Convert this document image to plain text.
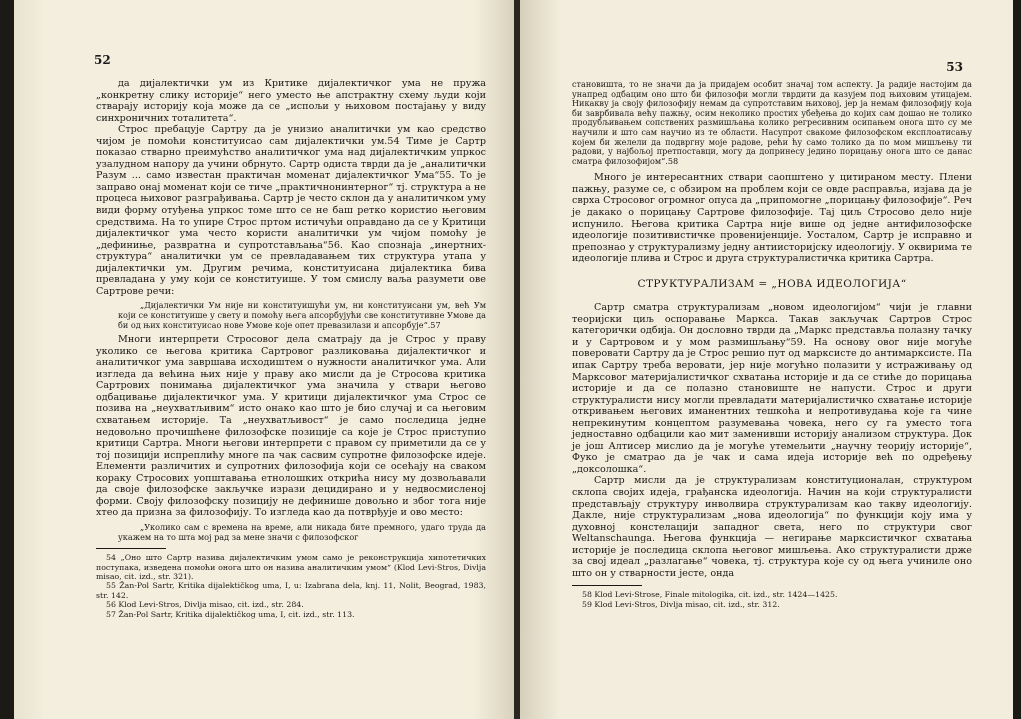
52

да дијалектички ум из Критике дијалектичког ума не пружа „конкретну слику историје“ него уместо ње апстрактну схему људи који стварају историју која може да се „испољи у њиховом постајању у виду синхроничних тоталитета“.

Строс пребацује Сартру да је унизио аналитички ум као средство чијом је помоћи конституисао сам дијалектички ум.54 Тиме је Сартр показао стварно преимућство аналитичког ума над дијалектичким упркос узалудном напору да учини обрнуто. Сартр одиста тврди да је „аналитички Разум ... само известан практичан моменат дијалектичког Ума“55. То је заправо онај моменат који се тиче „практичнонинтерног“ тј. структура а не процеса њиховог разграђивања. Сартр је често склон да у аналитичком уму види форму отуђења упркос томе што се не баш ретко користио његовим средствима. На то упире Строс пртом истичући оправдано да се у Критици дијалектичког ума често користи аналитички ум чијом помоћу је „дефиниње, развратна и супротстављања“56. Као спознаја „инертних-структура“ аналитички ум се превладавањем тих структура утапа у дијалектички ум. Другим речима, конституисана дијалектика бива превладана у уму који се конституише. У том смислу ваља разумети ове Сартрове речи:

„Дијалектички Ум није ни конституишући ум, ни конституисани ум, већ Ум који се конституише у свету и помоћу њега апсорбујући све конститутивне Умове да би од њих конституисао нове Умове које опет превазилази и апсорбује“.57

Многи интерпрети Стросовог дела сматрају да је Строс у праву уколико се његова критика Сартровог разликовања дијалектичког и аналитичког ума завршава исходиштем о нужности аналитичког ума. Али изгледа да већина њих није у праву ако мисли да је Стросова критика Сартрових понимања дијалектичког ума значила у ствари његово одбацивање дијалектичког ума. У критици дијалектичког ума Строс се позива на „неухватљивим“ исто онако као што је био случај и са његовим схватањем историје. Та „неухватљивост“ је само последица једне недовољно прочишћене филозофске позиције са које је Строс приступио критици Сартра. Многи његови интерпрети с правом су приметили да се у тој позицији испреплићу многе па чак сасвим супротне филозофске идеје. Елементи различитих и супротних филозофија који се осећају на сваком кораку Стросових уопштавања етнолошких открића нису му дозвољавали да своје филозофске закључке изрази децидирано и у недвосмисленој форми. Своју филозофску позицију не дефинише довољно и због тога није хтео да призна за филозофију. То изгледа као да потврђује и ово место:

„Уколико сам с времена на време, али никада бите премного, удаго труда да укажем на то шта мој рад за мене значи с филозофског

54 „Оно што Сартр назива дијалектичким умом само је реконструкција хипотетичких поступака, изведена помоћи онога што он назива аналитичким умом“ (Klod Levi-Stros, Divlja misao, cit. izd., str. 321).

55 Žan-Pol Sartr, Kritika dijalektičkog uma, I, u: Izabrana dela, knj. 11, Nolit, Beograd, 1983, str. 142.

56 Klod Levi-Stros, Divlja misao, cit. izd., str. 284.

57 Žan-Pol Sartr, Kritika dijalektičkog uma, I, cit. izd., str. 113.

53

становишта, то не значи да ја придајем особит значај том аспекту. Ја радије настојим да унапред одбацим оно што би филозофи могли тврдити да казујем под њиховим утицајем. Никакву ја своју филозофију немам да супротставим њиховој, јер ја немам филозофију која би заврбивала већу пажњу, осим неколико простих убеђења до којих сам дошао не толико продубљивањем сопствених размишљања колико регресивним осипањем онога што су ме научили и што сам научио из те области. Насупрот свакоме филозофском експлоатисању којем би желели да подвргну моје радове, рећи ћу само толико да по мом мишљењу ти радови, у најбољој претпоставци, могу да допринесу једино порицању онога што се данас сматра филозофијом“.58

Много је интересантних ствари саопштено у цитираном месту. Плени пажњу, разуме се, с обзиром на проблем који се овде расправља, изјава да је сврха Стросовог огромног опуса да „припомогне „порицању филозофије“. Реч је дакако о порицању Сартрове филозофије. Тај циљ Стросово дело није испунило. Његова критика Сартра није више од једне антифилозофске идеологије позитивистичке провенијенције. Уосталом, Сартр је исправно и препознао у структурализму једну антиисторијску идеологију. У оквирима те идеологије плива и Строс и друга структуралистичка критика Сартра.

СТРУКТУРАЛИЗАМ = „НОВА ИДЕОЛОГИЈА“

Сартр сматра структурализам „новом идеологијом“ чији је главни теоријски циљ оспоравање Маркса. Такав закључак Сартров Строс категорички одбија. Он дословно тврди да „Маркс представља полазну тачку и у Сартровом и у мом размишљању“59. На основу овог није могуће поверовати Сартру да је Строс решио пут од марксисте до антимарксисте. Па ипак Сартру треба веровати, јер није могућно полазити у истраживању од Марксовог материјалистичког схватања историје и да се стиће до порицања историје и да се полазно становиште не напусти. Строс и други структуралисти нису могли превладати материјалистичко схватање историје откривањем његових иманентних тешкоћа и непротивудања које га чине непрекинутим концептом разумевања човека, него су га уместо тога једноставно одбацили као мит заменивши историју анализом структура. Док је још Алтисер мислио да је могуће утемељити „научну теорију историје“, Фуко је сматрао да је чак и сама идеја историје већ по одређењу „доксолошка“.

Сартр мисли да је структурализам конституционалан, структуром склопа својих идеја, грађанска идеологија. Начин на који структуралисти представљају структуру инволвира структурализам као такву идеологију. Дакле, није структурализам „нова идеологија“ по функцији коју има у духовној констелацији западног света, него по структури свог Weltanschaunga. Његова функција — негирање марксистичког схватања историје је последица склопа његовог мишљења. Ако структуралисти држе за свој идеал „разлагање“ човека, тј. структура које су од њега учиниле оно што он у стварности јесте, онда

58 Klod Levi-Strose, Finale mitologika, cit. izd., str. 1424—1425.

59 Klod Levi-Stros, Divlja misao, cit. izd., str. 312.
